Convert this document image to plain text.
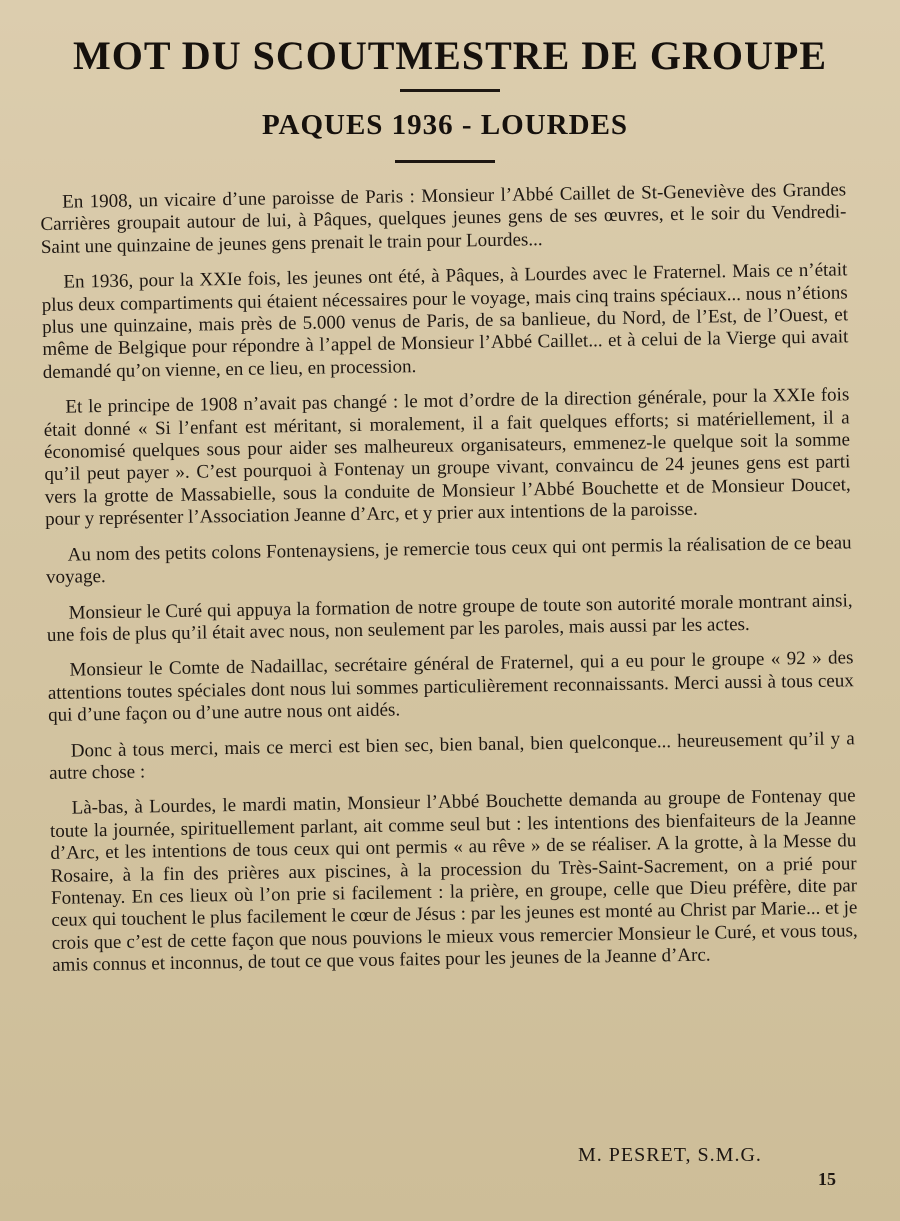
MOT DU SCOUTMESTRE DE GROUPE
PAQUES 1936 - LOURDES

En 1908, un vicaire d’une paroisse de Paris : Monsieur l’Abbé Caillet de St-Geneviève des Grandes Carrières groupait autour de lui, à Pâques, quelques jeunes gens de ses œuvres, et le soir du Vendredi-Saint une quinzaine de jeunes gens prenait le train pour Lourdes...

En 1936, pour la XXIe fois, les jeunes ont été, à Pâques, à Lourdes avec le Fraternel. Mais ce n’était plus deux compartiments qui étaient nécessaires pour le voyage, mais cinq trains spéciaux... nous n’étions plus une quinzaine, mais près de 5.000 venus de Paris, de sa banlieue, du Nord, de l’Est, de l’Ouest, et même de Belgique pour répondre à l’appel de Monsieur l’Abbé Caillet... et à celui de la Vierge qui avait demandé qu’on vienne, en ce lieu, en procession.

Et le principe de 1908 n’avait pas changé : le mot d’ordre de la direction générale, pour la XXIe fois était donné « Si l’enfant est méritant, si moralement, il a fait quelques efforts; si matériellement, il a économisé quelques sous pour aider ses malheureux organisateurs, emmenez-le quelque soit la somme qu’il peut payer ». C’est pourquoi à Fontenay un groupe vivant, convaincu de 24 jeunes gens est parti vers la grotte de Massabielle, sous la conduite de Monsieur l’Abbé Bouchette et de Monsieur Doucet, pour y représenter l’Association Jeanne d’Arc, et y prier aux intentions de la paroisse.

Au nom des petits colons Fontenaysiens, je remercie tous ceux qui ont permis la réalisation de ce beau voyage.

Monsieur le Curé qui appuya la formation de notre groupe de toute son autorité morale montrant ainsi, une fois de plus qu’il était avec nous, non seulement par les paroles, mais aussi par les actes.

Monsieur le Comte de Nadaillac, secrétaire général de Fraternel, qui a eu pour le groupe « 92 » des attentions toutes spéciales dont nous lui sommes particulièrement reconnaissants. Merci aussi à tous ceux qui d’une façon ou d’une autre nous ont aidés.

Donc à tous merci, mais ce merci est bien sec, bien banal, bien quelconque... heureusement qu’il y a autre chose :

Là-bas, à Lourdes, le mardi matin, Monsieur l’Abbé Bouchette demanda au groupe de Fontenay que toute la journée, spirituellement parlant, ait comme seul but : les intentions des bienfaiteurs de la Jeanne d’Arc, et les intentions de tous ceux qui ont permis « au rêve » de se réaliser. A la grotte, à la Messe du Rosaire, à la fin des prières aux piscines, à la procession du Très-Saint-Sacrement, on a prié pour Fontenay. En ces lieux où l’on prie si facilement : la prière, en groupe, celle que Dieu préfère, dite par ceux qui touchent le plus facilement le cœur de Jésus : par les jeunes est monté au Christ par Marie... et je crois que c’est de cette façon que nous pouvions le mieux vous remercier Monsieur le Curé, et vous tous, amis connus et inconnus, de tout ce que vous faites pour les jeunes de la Jeanne d’Arc.

M. PESRET, S.M.G.
15
